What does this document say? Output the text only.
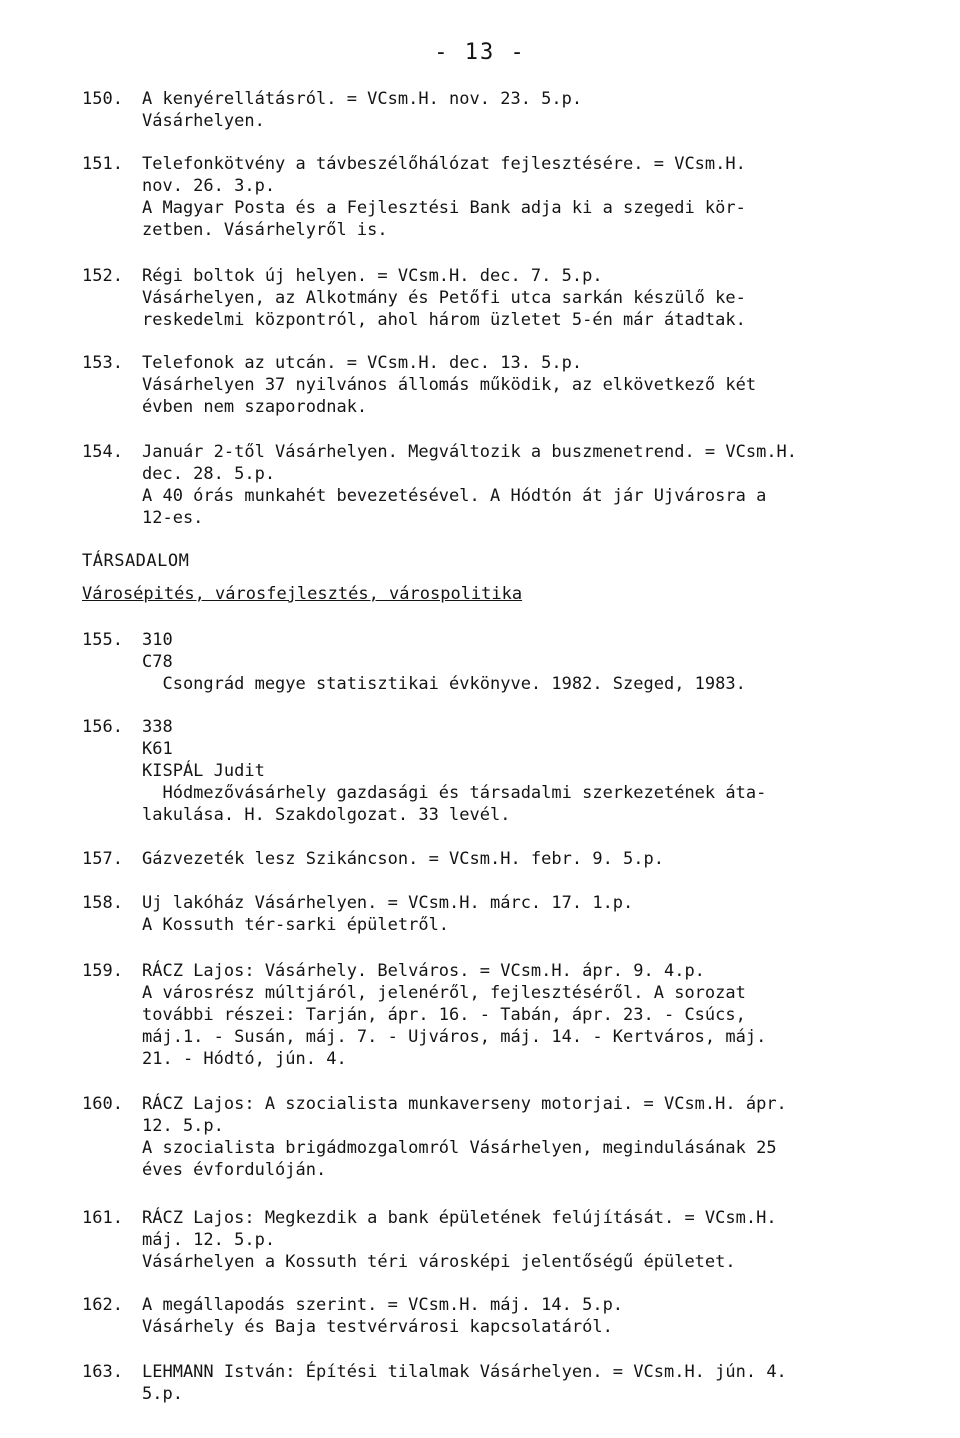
- 13 -
150. A kenyérellátásról. = VCsm.H. nov. 23. 5.p.
Vásárhelyen.
151. Telefonkötvény a távbeszélőhálózat fejlesztésére. = VCsm.H.
nov. 26. 3.p.
A Magyar Posta és a Fejlesztési Bank adja ki a szegedi kör-
zetben. Vásárhelyről is.
152. Régi boltok új helyen. = VCsm.H. dec. 7. 5.p.
Vásárhelyen, az Alkotmány és Petőfi utca sarkán készülő ke-
reskedelmi központról, ahol három üzletet 5-én már átadtak.
153. Telefonok az utcán. = VCsm.H. dec. 13. 5.p.
Vásárhelyen 37 nyilvános állomás működik, az elkövetkező két
évben nem szaporodnak.
154. Január 2-től Vásárhelyen. Megváltozik a buszmenetrend. = VCsm.H.
dec. 28. 5.p.
A 40 órás munkahét bevezetésével. A Hódtón át jár Ujvárosra a
12-es.
155. 310
C78
Csongrád megye statisztikai évkönyve. 1982. Szeged, 1983.
156. 338
K61
KISPÁL Judit
Hódmezővásárhely gazdasági és társadalmi szerkezetének áta-
lakulása. H. Szakdolgozat. 33 levél.
157. Gázvezeték lesz Szikáncson. = VCsm.H. febr. 9. 5.p.
158. Uj lakóház Vásárhelyen. = VCsm.H. márc. 17. 1.p.
A Kossuth tér-sarki épületről.
159. RÁCZ Lajos: Vásárhely. Belváros. = VCsm.H. ápr. 9. 4.p.
A városrész múltjáról, jelenéről, fejlesztéséről. A sorozat
további részei: Tarján, ápr. 16. - Tabán, ápr. 23. - Csúcs,
máj.1. - Susán, máj. 7. - Ujváros, máj. 14. - Kertváros, máj.
21. - Hódtó, jún. 4.
160. RÁCZ Lajos: A szocialista munkaverseny motorjai. = VCsm.H. ápr.
12. 5.p.
A szocialista brigádmozgalomról Vásárhelyen, megindulásának 25
éves évfordulóján.
161. RÁCZ Lajos: Megkezdik a bank épületének felújítását. = VCsm.H.
máj. 12. 5.p.
Vásárhelyen a Kossuth téri városképi jelentőségű épületet.
162. A megállapodás szerint. = VCsm.H. máj. 14. 5.p.
Vásárhely és Baja testvérvárosi kapcsolatáról.
163. LEHMANN István: Építési tilalmak Vásárhelyen. = VCsm.H. jún. 4.
5.p.
TÁRSADALOM
Városépités, városfejlesztés, várospolitika
